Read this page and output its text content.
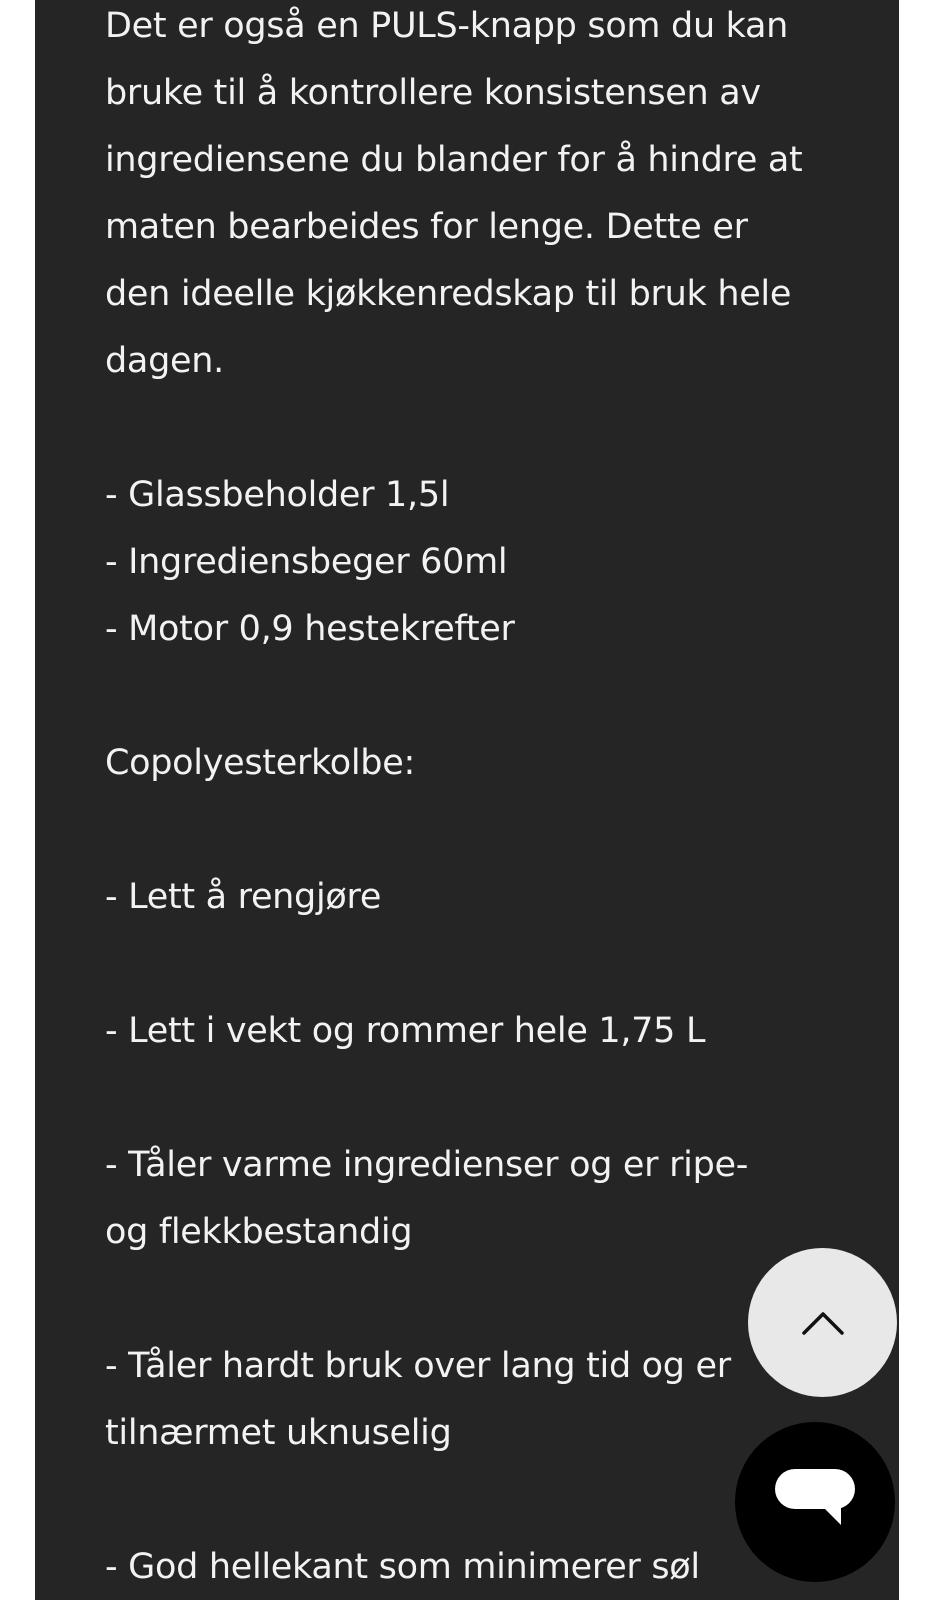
Det er også en PULS-knapp som du kan

bruke til å kontrollere konsistensen av

ingrediensene du blander for å hindre at

maten bearbeides for lenge. Dette er

den ideelle kjøkkenredskap til bruk hele

dagen.

- Glassbeholder 1,5l

- Ingrediensbeger 60ml

- Motor 0,9 hestekrefter

Copolyesterkolbe:

- Lett å rengjøre

- Lett i vekt og rommer hele 1,75 L

- Tåler varme ingredienser og er ripe-

og flekkbestandig

- Tåler hardt bruk over lang tid og er

tilnærmet uknuselig

- God hellekant som minimerer søl
